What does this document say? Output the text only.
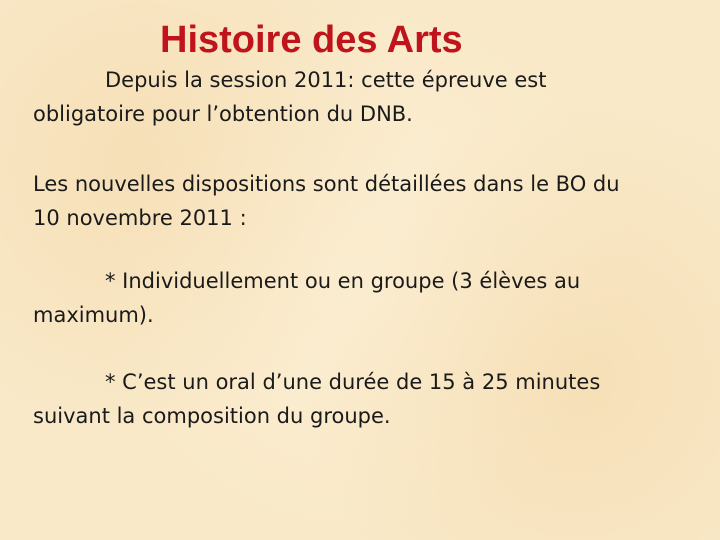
Histoire des Arts

Depuis la session 2011: cette épreuve est
obligatoire pour l’obtention du DNB.

Les nouvelles dispositions sont détaillées dans le BO du
10 novembre 2011 :

* Individuellement ou en groupe (3 élèves au
maximum).

* C’est un oral d’une durée de 15 à 25 minutes
suivant la composition du groupe.
